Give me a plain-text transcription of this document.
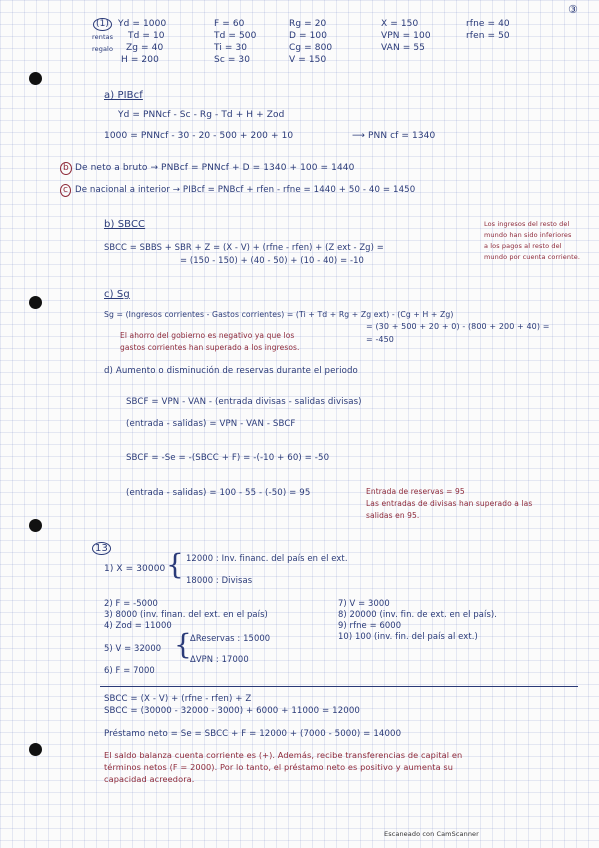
③
(1) Yd = 1000
rentas Td = 10
regalo Zg = 40
H = 200
F = 60
Td = 500
Ti = 30
Sc = 30
Rg = 20
D = 100
Cg = 800
V = 150
X = 150
VPN = 100
VAN = 55
rfne = 40
rfen = 50
a) PIBcf
Yd = PNNcf - Sc - Rg - Td + H + Zod
1000 = PNNcf - 30 - 20 - 500 + 200 + 10	⟶ PNN cf = 1340
b De neto a bruto → PNBcf = PNNcf + D = 1340 + 100 = 1440
c De nacional a interior → PIBcf = PNBcf + rfen - rfne = 1440 + 50 - 40 = 1450
b) SBCC
SBCC = SBBS + SBR + Z = (X - V) + (rfne - rfen) + (Z ext - Zg) =
= (150 - 150) + (40 - 50) + (10 - 40) = -10
Los ingresos del resto del
mundo han sido inferiores
a los pagos al resto del
mundo por cuenta corriente.
c) Sg
Sg = (Ingresos corrientes - Gastos corrientes) = (Ti + Td + Rg + Zg ext) - (Cg + H + Zg)
= (30 + 500 + 20 + 0) - (800 + 200 + 40) =
= -450
El ahorro del gobierno es negativo ya que los
gastos corrientes han superado a los ingresos.
d) Aumento o disminución de reservas durante el periodo
SBCF = VPN - VAN - (entrada divisas - salidas divisas)
(entrada - salidas) = VPN - VAN - SBCF
SBCF = -Se = -(SBCC + F) = -(-10 + 60) = -50
(entrada - salidas) = 100 - 55 - (-50) = 95	Entrada de reservas = 95
Las entradas de divisas han superado a las
salidas en 95.
13
1) X = 30000 { 12000 : Inv. financ. del país en el ext.
18000 : Divisas
2) F = -5000
3) 8000 (inv. finan. del ext. en el país)
4) Zod = 11000
5) V = 32000 {
ΔReservas : 15000
ΔVPN : 17000
6) F = 7000
7) V = 3000
8) 20000 (inv. fin. de ext. en el país).
9) rfne = 6000
10) 100 (inv. fin. del país al ext.)
SBCC = (X - V) + (rfne - rfen) + Z
SBCC = (30000 - 32000 - 3000) + 6000 + 11000 = 12000
Préstamo neto = Se = SBCC + F = 12000 + (7000 - 5000) = 14000
El saldo balanza cuenta corriente es (+). Además, recibe transferencias de capital en
términos netos (F = 2000). Por lo tanto, el préstamo neto es positivo y aumenta su
capacidad acreedora.
Escaneado con CamScanner
